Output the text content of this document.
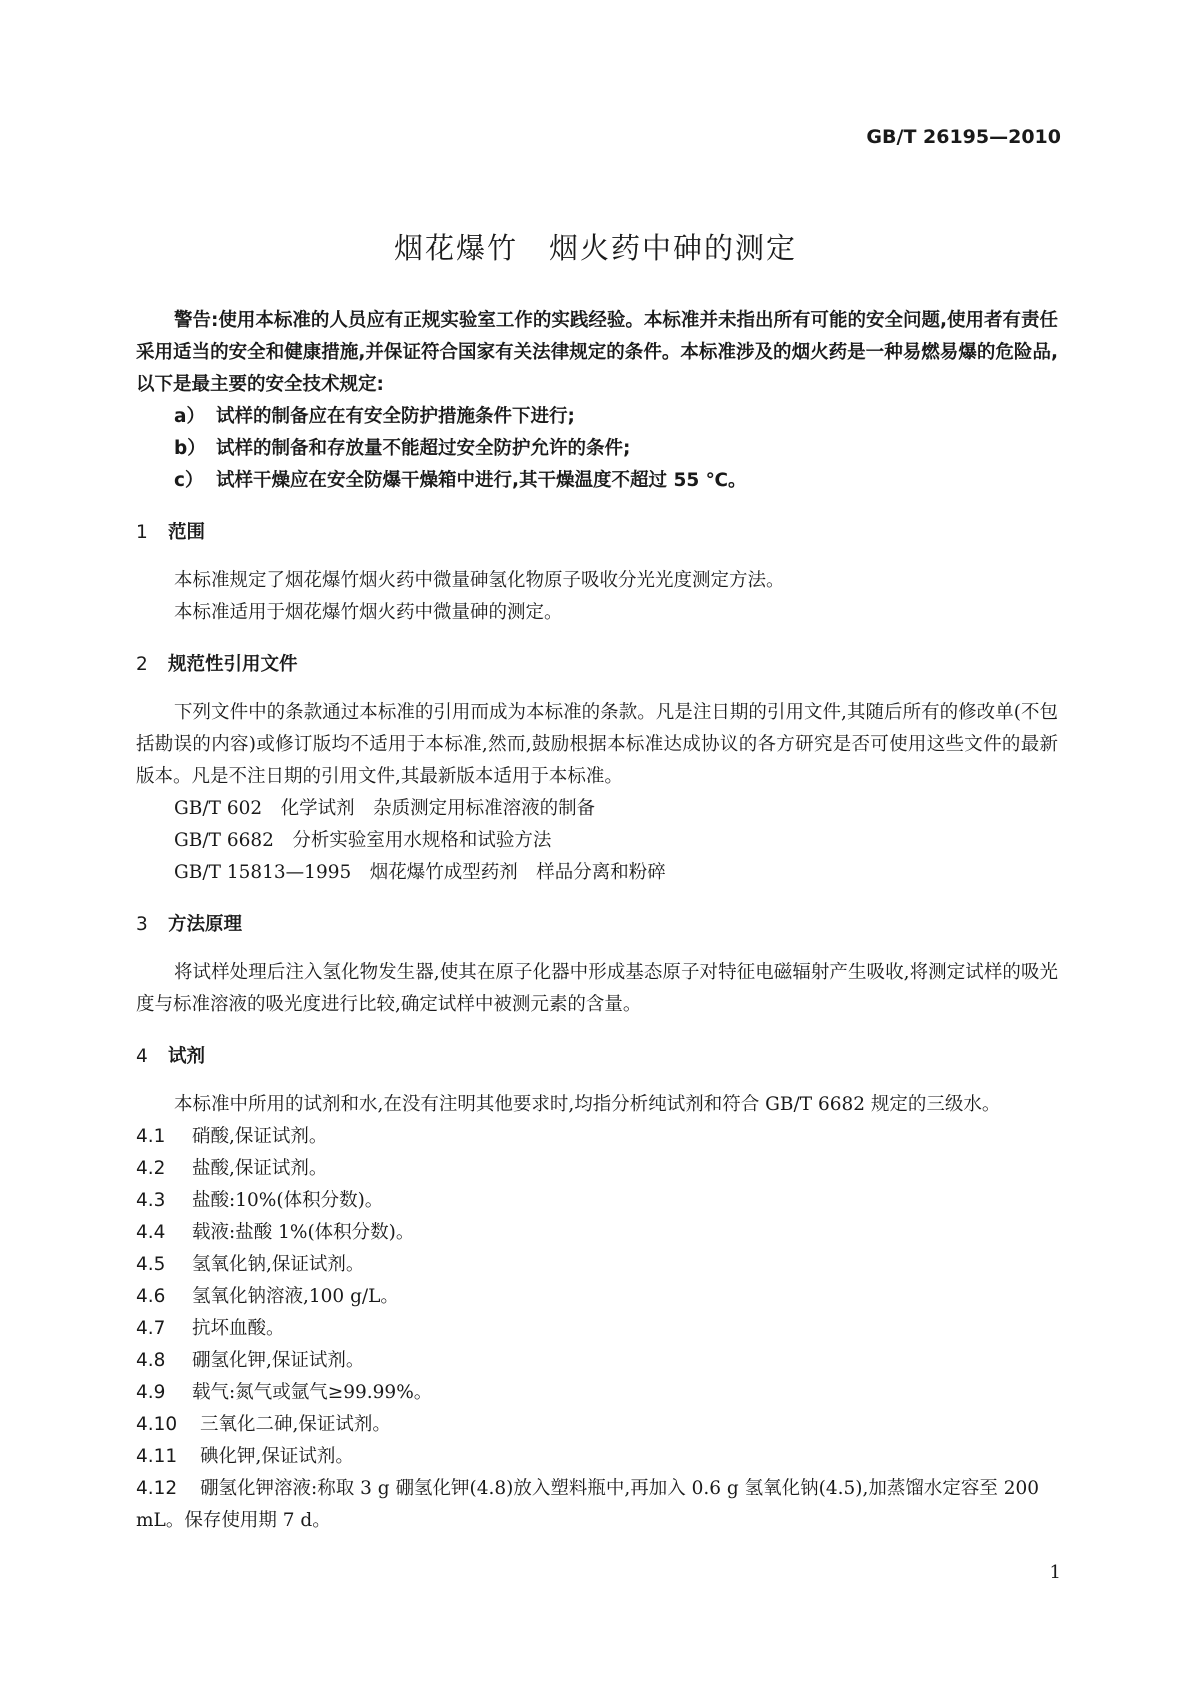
GB/T 26195—2010
烟花爆竹　烟火药中砷的测定

警告:使用本标准的人员应有正规实验室工作的实践经验。本标准并未指出所有可能的安全问题,使用者有责任采用适当的安全和健康措施,并保证符合国家有关法律规定的条件。本标准涉及的烟火药是一种易燃易爆的危险品,以下是最主要的安全技术规定:

a） 试样的制备应在有安全防护措施条件下进行;
b） 试样的制备和存放量不能超过安全防护允许的条件;
c） 试样干燥应在安全防爆干燥箱中进行,其干燥温度不超过 55 ℃。
1	范围

本标准规定了烟花爆竹烟火药中微量砷氢化物原子吸收分光光度测定方法。

本标准适用于烟花爆竹烟火药中微量砷的测定。

2	规范性引用文件

下列文件中的条款通过本标准的引用而成为本标准的条款。凡是注日期的引用文件,其随后所有的修改单(不包括勘误的内容)或修订版均不适用于本标准,然而,鼓励根据本标准达成协议的各方研究是否可使用这些文件的最新版本。凡是不注日期的引用文件,其最新版本适用于本标准。

GB/T 602　化学试剂　杂质测定用标准溶液的制备

GB/T 6682　分析实验室用水规格和试验方法

GB/T 15813—1995　烟花爆竹成型药剂　样品分离和粉碎

3	方法原理

将试样处理后注入氢化物发生器,使其在原子化器中形成基态原子对特征电磁辐射产生吸收,将测定试样的吸光度与标准溶液的吸光度进行比较,确定试样中被测元素的含量。

4	试剂

本标准中所用的试剂和水,在没有注明其他要求时,均指分析纯试剂和符合 GB/T 6682 规定的三级水。

4.1	硝酸,保证试剂。
4.2	盐酸,保证试剂。
4.3	盐酸:10%(体积分数)。
4.4	载液:盐酸 1%(体积分数)。
4.5	氢氧化钠,保证试剂。
4.6	氢氧化钠溶液,100 g/L。
4.7	抗坏血酸。
4.8	硼氢化钾,保证试剂。
4.9	载气:氮气或氩气≥99.99%。
4.10	三氧化二砷,保证试剂。
4.11	碘化钾,保证试剂。
4.12 硼氢化钾溶液:称取 3 g 硼氢化钾(4.8)放入塑料瓶中,再加入 0.6 g 氢氧化钠(4.5),加蒸馏水定容至 200 mL。保存使用期 7 d。
1
